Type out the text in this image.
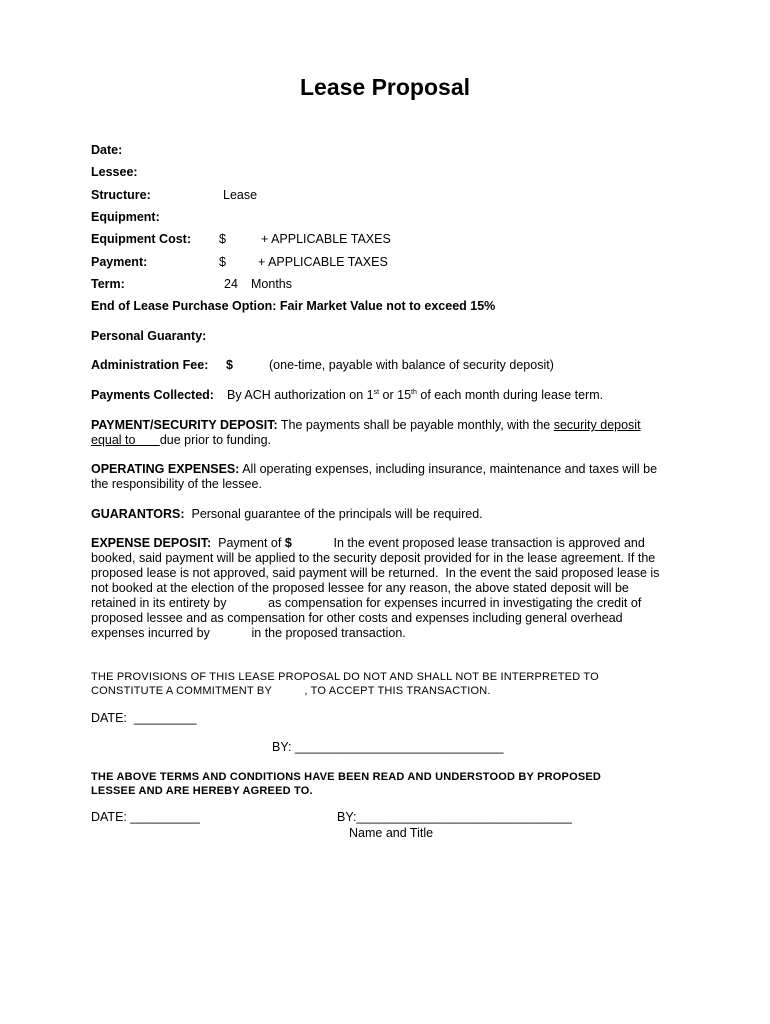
Lease Proposal
Date:
Lessee:
Structure:	Lease
Equipment:
Equipment Cost: $	+ APPLICABLE TAXES
Payment:	$	+ APPLICABLE TAXES
Term:	24 Months
End of Lease Purchase Option: Fair Market Value not to exceed 15%
Personal Guaranty:
Administration Fee: $	(one-time, payable with balance of security deposit)
Payments Collected: By ACH authorization on 1st or 15th of each month during lease term.
PAYMENT/SECURITY DEPOSIT: The payments shall be payable monthly, with the security deposit equal to       due prior to funding.
OPERATING EXPENSES: All operating expenses, including insurance, maintenance and taxes will be the responsibility of the lessee.
GUARANTORS:  Personal guarantee of the principals will be required.
EXPENSE DEPOSIT:  Payment of $            In the event proposed lease transaction is approved and booked, said payment will be applied to the security deposit provided for in the lease agreement. If the proposed lease is not approved, said payment will be returned.  In the event the said proposed lease is not booked at the election of the proposed lessee for any reason, the above stated deposit will be retained in its entirety by            as compensation for expenses incurred in investigating the credit of proposed lessee and as compensation for other costs and expenses including general overhead expenses incurred by            in the proposed transaction.
THE PROVISIONS OF THIS LEASE PROPOSAL DO NOT AND SHALL NOT BE INTERPRETED TO
CONSTITUTE A COMMITMENT BY          , TO ACCEPT THIS TRANSACTION.
DATE:  _________
BY: ______________________________
THE ABOVE TERMS AND CONDITIONS HAVE BEEN READ AND UNDERSTOOD BY PROPOSED
LESSEE AND ARE HEREBY AGREED TO.
DATE: __________	BY:_______________________________
Name and Title
